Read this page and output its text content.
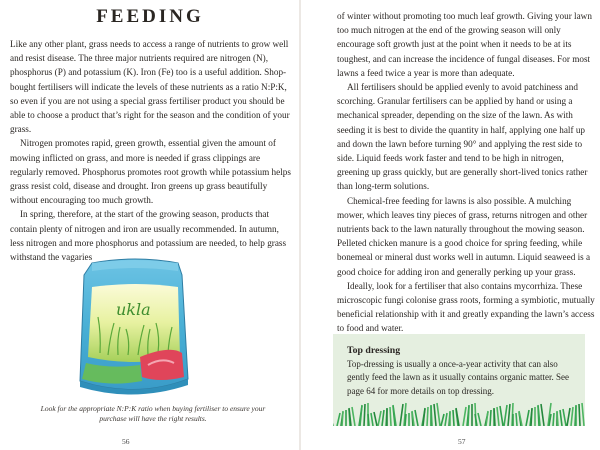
FEEDING

Like any other plant, grass needs to access a range of nutrients to grow well and resist disease. The three major nutrients required are nitrogen (N), phosphorus (P) and potassium (K). Iron (Fe) too is a useful addition. Shop-bought fertilisers will indicate the levels of these nutrients as a ratio N:P:K, so even if you are not using a special grass fertiliser product you should be able to choose a product that’s right for the season and the condition of your grass.

Nitrogen promotes rapid, green growth, essential given the amount of mowing inflicted on grass, and more is needed if grass clippings are regularly removed. Phosphorus promotes root growth while potassium helps grass resist cold, disease and drought. Iron greens up grass beautifully without encouraging too much growth.

In spring, therefore, at the start of the growing season, products that contain plenty of nitrogen and iron are usually recommended. In autumn, less nitrogen and more phosphorus and potassium are needed, to help grass withstand the vagaries

ukla
Look for the appropriate N:P:K ratio when buying fertiliser to ensure your purchase will have the right results.
56

of winter without promoting too much leaf growth. Giving your lawn too much nitrogen at the end of the growing season will only encourage soft growth just at the point when it needs to be at its toughest, and can increase the incidence of fungal diseases. For most lawns a feed twice a year is more than adequate.

All fertilisers should be applied evenly to avoid patchiness and scorching. Granular fertilisers can be applied by hand or using a mechanical spreader, depending on the size of the lawn. As with seeding it is best to divide the quantity in half, applying one half up and down the lawn before turning 90° and applying the rest side to side. Liquid feeds work faster and tend to be high in nitrogen, greening up grass quickly, but are generally short-lived tonics rather than long-term solutions.

Chemical-free feeding for lawns is also possible. A mulching mower, which leaves tiny pieces of grass, returns nitrogen and other nutrients back to the lawn naturally throughout the mowing season. Pelleted chicken manure is a good choice for spring feeding, while bonemeal or mineral dust works well in autumn. Liquid seaweed is a good choice for adding iron and generally perking up your grass.

Ideally, look for a fertiliser that also contains mycorrhiza. These microscopic fungi colonise grass roots, forming a symbiotic, mutually beneficial relationship with it and greatly expanding the lawn’s access to food and water.

Top dressing
Top-dressing is usually a once-a-year activity that can also gently feed the lawn as it usually contains organic matter. See page 64 for more details on top dressing.
57
